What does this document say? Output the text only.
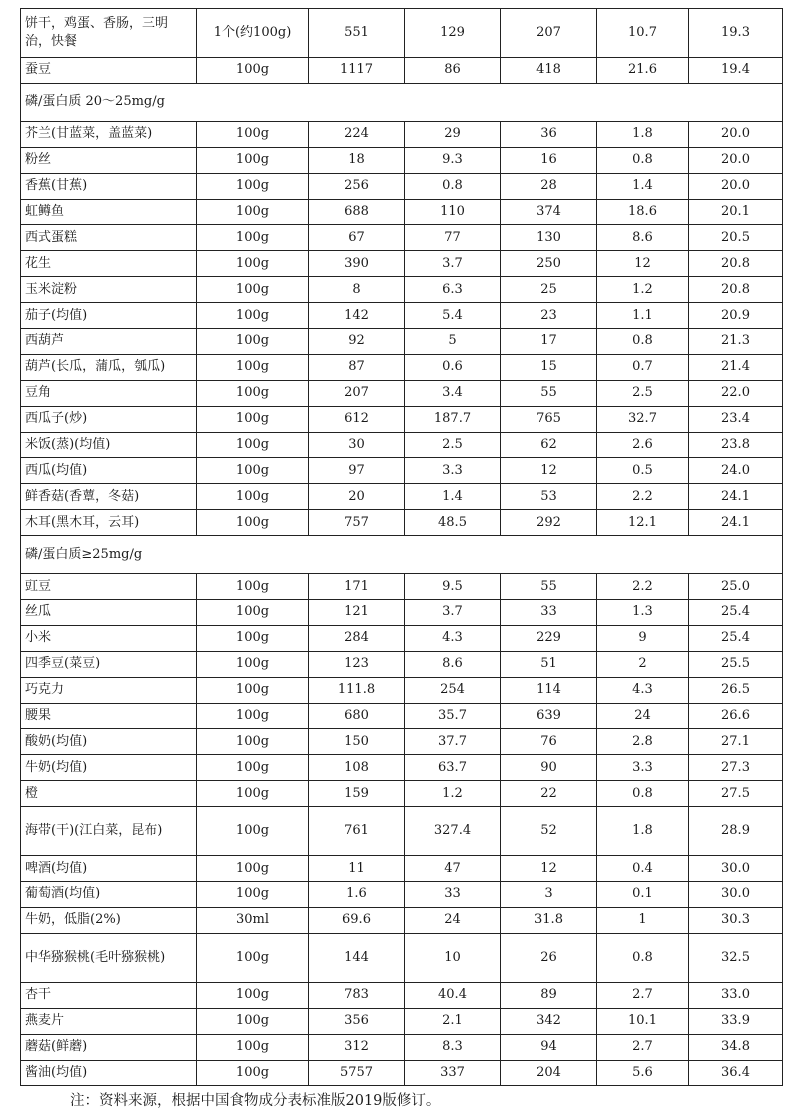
饼干，鸡蛋、香肠，三明治，快餐	1个(约100g)	551	129	207	10.7	19.3
蚕豆	100g	1117	86	418	21.6	19.4
磷/蛋白质 20～25mg/g						
芥兰(甘蓝菜，盖蓝菜)	100g	224	29	36	1.8	20.0
粉丝	100g	18	9.3	16	0.8	20.0
香蕉(甘蕉)	100g	256	0.8	28	1.4	20.0
虹鳟鱼	100g	688	110	374	18.6	20.1
西式蛋糕	100g	67	77	130	8.6	20.5
花生	100g	390	3.7	250	12	20.8
玉米淀粉	100g	8	6.3	25	1.2	20.8
茄子(均值)	100g	142	5.4	23	1.1	20.9
西葫芦	100g	92	5	17	0.8	21.3
葫芦(长瓜，蒲瓜，瓠瓜)	100g	87	0.6	15	0.7	21.4
豆角	100g	207	3.4	55	2.5	22.0
西瓜子(炒)	100g	612	187.7	765	32.7	23.4
米饭(蒸)(均值)	100g	30	2.5	62	2.6	23.8
西瓜(均值)	100g	97	3.3	12	0.5	24.0
鲜香菇(香蕈，冬菇)	100g	20	1.4	53	2.2	24.1
木耳(黑木耳，云耳)	100g	757	48.5	292	12.1	24.1
磷/蛋白质≥25mg/g						
豇豆	100g	171	9.5	55	2.2	25.0
丝瓜	100g	121	3.7	33	1.3	25.4
小米	100g	284	4.3	229	9	25.4
四季豆(菜豆)	100g	123	8.6	51	2	25.5
巧克力	100g	111.8	254	114	4.3	26.5
腰果	100g	680	35.7	639	24	26.6
酸奶(均值)	100g	150	37.7	76	2.8	27.1
牛奶(均值)	100g	108	63.7	90	3.3	27.3
橙	100g	159	1.2	22	0.8	27.5
海带(干)(江白菜，昆布)	100g	761	327.4	52	1.8	28.9
啤酒(均值)	100g	11	47	12	0.4	30.0
葡萄酒(均值)	100g	1.6	33	3	0.1	30.0
牛奶，低脂(2%)	30ml	69.6	24	31.8	1	30.3
中华猕猴桃(毛叶猕猴桃)	100g	144	10	26	0.8	32.5
杏干	100g	783	40.4	89	2.7	33.0
燕麦片	100g	356	2.1	342	10.1	33.9
蘑菇(鲜蘑)	100g	312	8.3	94	2.7	34.8
酱油(均值)	100g	5757	337	204	5.6	36.4
注：资料来源，根据中国食物成分表标准版2019版修订。
